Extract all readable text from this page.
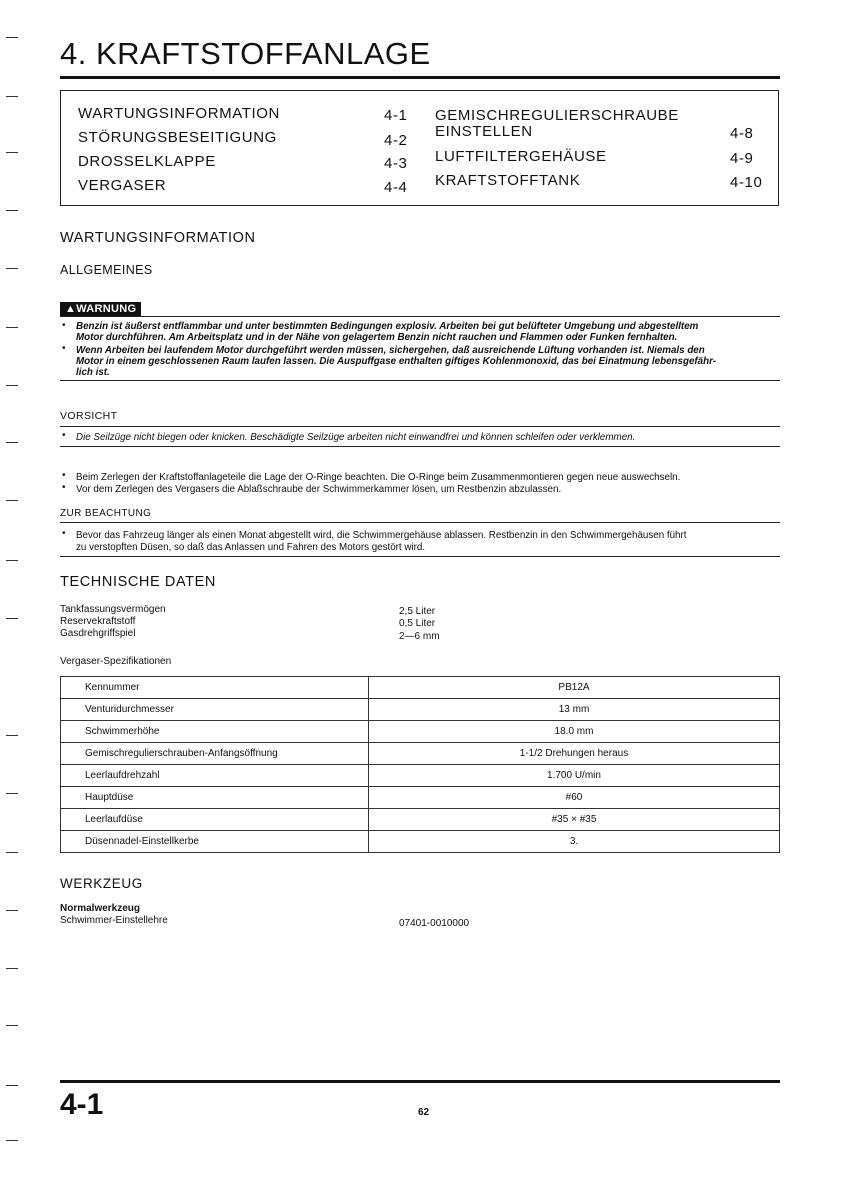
4. KRAFTSTOFFANLAGE
WARTUNGSINFORMATION	4-1
STÖRUNGSBESEITIGUNG	4-2
DROSSELKLAPPE	4-3
VERGASER	4-4
GEMISCHREGULIERSCHRAUBE
EINSTELLEN	4-8
LUFTFILTERGEHÄUSE	4-9
KRAFTSTOFFTANK	4-10
WARTUNGSINFORMATION
ALLGEMEINES
▲WARNUNG
• Benzin ist äußerst entflammbar und unter bestimmten Bedingungen explosiv. Arbeiten bei gut belüfteter Umgebung und abgestelltem
Motor durchführen. Am Arbeitsplatz und in der Nähe von gelagertem Benzin nicht rauchen und Flammen oder Funken fernhalten.
• Wenn Arbeiten bei laufendem Motor durchgeführt werden müssen, sichergehen, daß ausreichende Lüftung vorhanden ist. Niemals den
Motor in einem geschlossenen Raum laufen lassen. Die Auspuffgase enthalten giftiges Kohlenmonoxid, das bei Einatmung lebensgefähr-
lich ist.
VORSICHT
• Die Seilzüge nicht biegen oder knicken. Beschädigte Seilzüge arbeiten nicht einwandfrei und können schleifen oder verklemmen.
• Beim Zerlegen der Kraftstoffanlageteile die Lage der O-Ringe beachten. Die O-Ringe beim Zusammenmontieren gegen neue auswechseln.
• Vor dem Zerlegen des Vergasers die Ablaßschraube der Schwimmerkammer lösen, um Restbenzin abzulassen.
ZUR BEACHTUNG
• Bevor das Fahrzeug länger als einen Monat abgestellt wird, die Schwimmergehäuse ablassen. Restbenzin in den Schwimmergehäusen führt
zu verstopften Düsen, so daß das Anlassen und Fahren des Motors gestört wird.
TECHNISCHE DATEN
Tankfassungsvermögen	2,5 Liter
Reservekraftstoff	0,5 Liter
Gasdrehgriffspiel	2—6 mm
Vergaser-Spezifikationen
Kennummer	PB12A
Venturidurchmesser	13 mm
Schwimmerhöhe	18.0 mm
Gemischregulierschrauben-Anfangsöffnung	1-1/2 Drehungen heraus
Leerlaufdrehzahl	1.700 U/min
Hauptdüse	#60
Leerlaufdüse	#35 × #35
Düsennadel-Einstellkerbe	3.
WERKZEUG
Normalwerkzeug
Schwimmer-Einstellehre	07401-0010000
4-1	62
